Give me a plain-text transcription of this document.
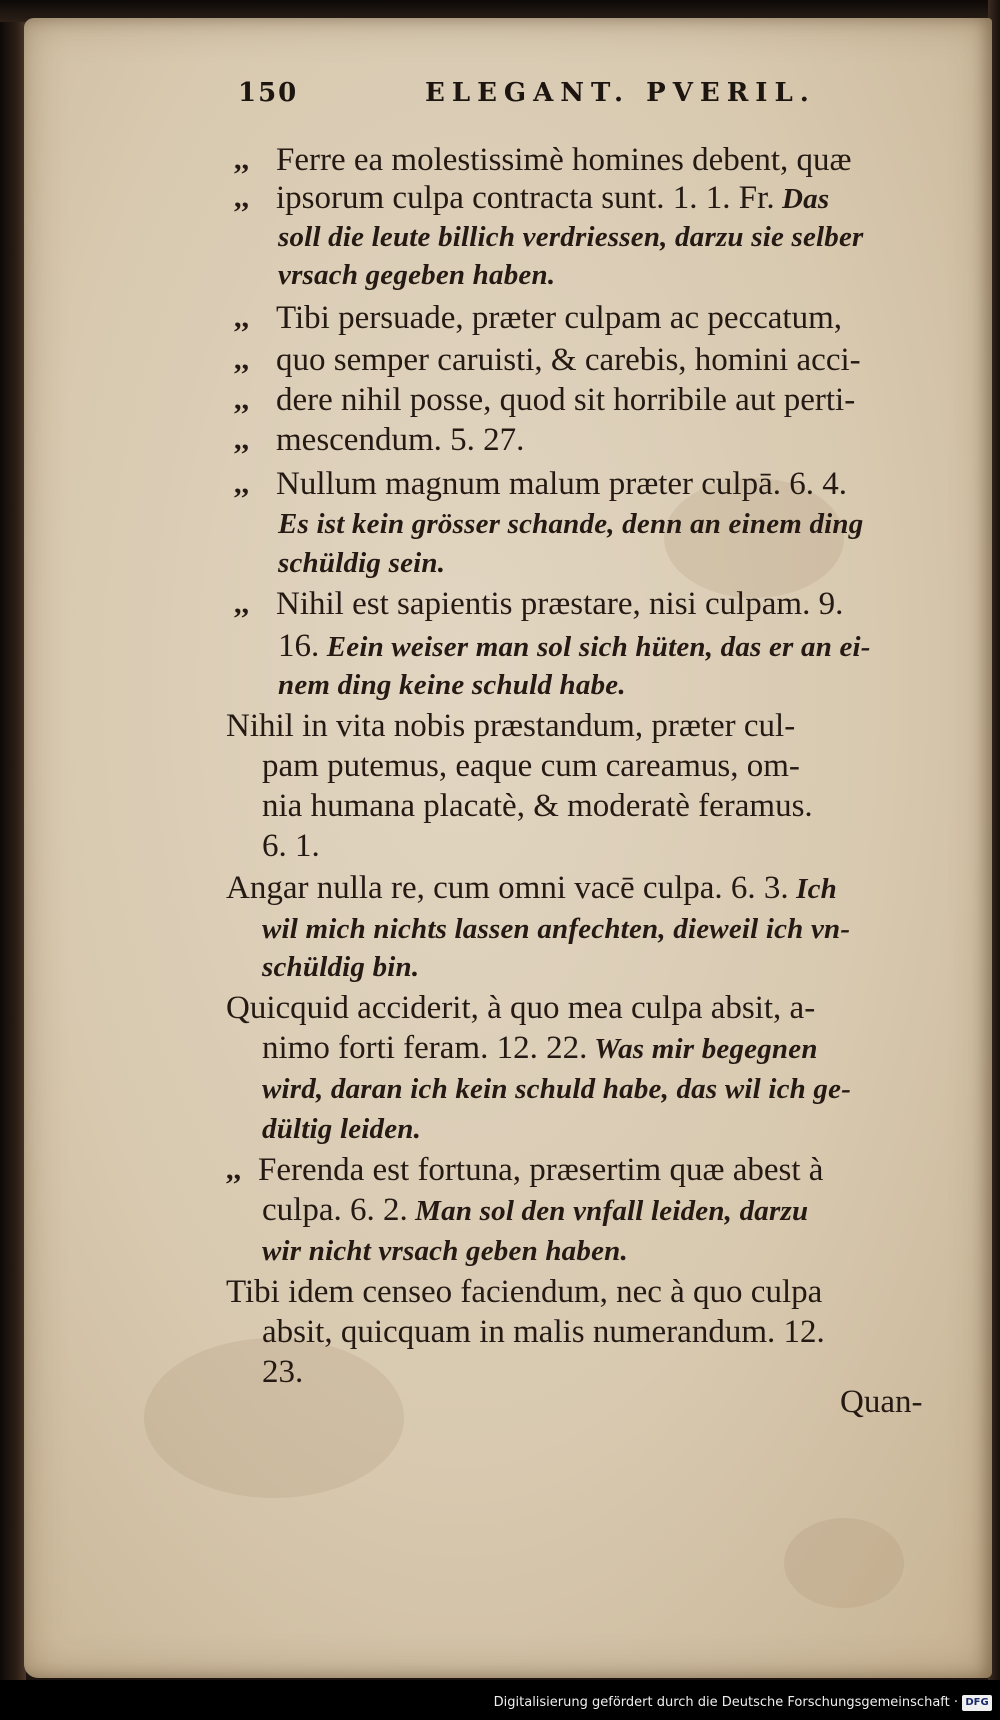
150	ELEGANT. PVERIL.
,, Ferre ea molestissimè homines debent, quæ
,, ipsorum culpa contracta sunt. 1. 1. Fr. Das
soll die leute billich verdriessen, darzu sie selber
vrsach gegeben haben.
,, Tibi persuade, præter culpam ac peccatum,
,, quo semper caruisti, & carebis, homini acci-
,, dere nihil posse, quod sit horribile aut perti-
,, mescendum. 5. 27.
,, Nullum magnum malum præter culpā. 6. 4.
Es ist kein grösser schande, denn an einem ding
schüldig sein.
,, Nihil est sapientis præstare, nisi culpam. 9.
16. Eein weiser man sol sich hüten, das er an ei-
nem ding keine schuld habe.
Nihil in vita nobis præstandum, præter cul-
pam putemus, eaque cum careamus, om-
nia humana placatè, & moderatè feramus.
6. 1.
Angar nulla re, cum omni vacē culpa. 6. 3. Ich
wil mich nichts lassen anfechten, dieweil ich vn-
schüldig bin.
Quicquid acciderit, à quo mea culpa absit, a-
nimo forti feram. 12. 22. Was mir begegnen
wird, daran ich kein schuld habe, das wil ich ge-
dültig leiden.
,, Ferenda est fortuna, præsertim quæ abest à
culpa. 6. 2. Man sol den vnfall leiden, darzu
wir nicht vrsach geben haben.
Tibi idem censeo faciendum, nec à quo culpa
absit, quicquam in malis numerandum. 12.
23.
Quan-
Digitalisierung gefördert durch die Deutsche Forschungsgemeinschaft · DFG
